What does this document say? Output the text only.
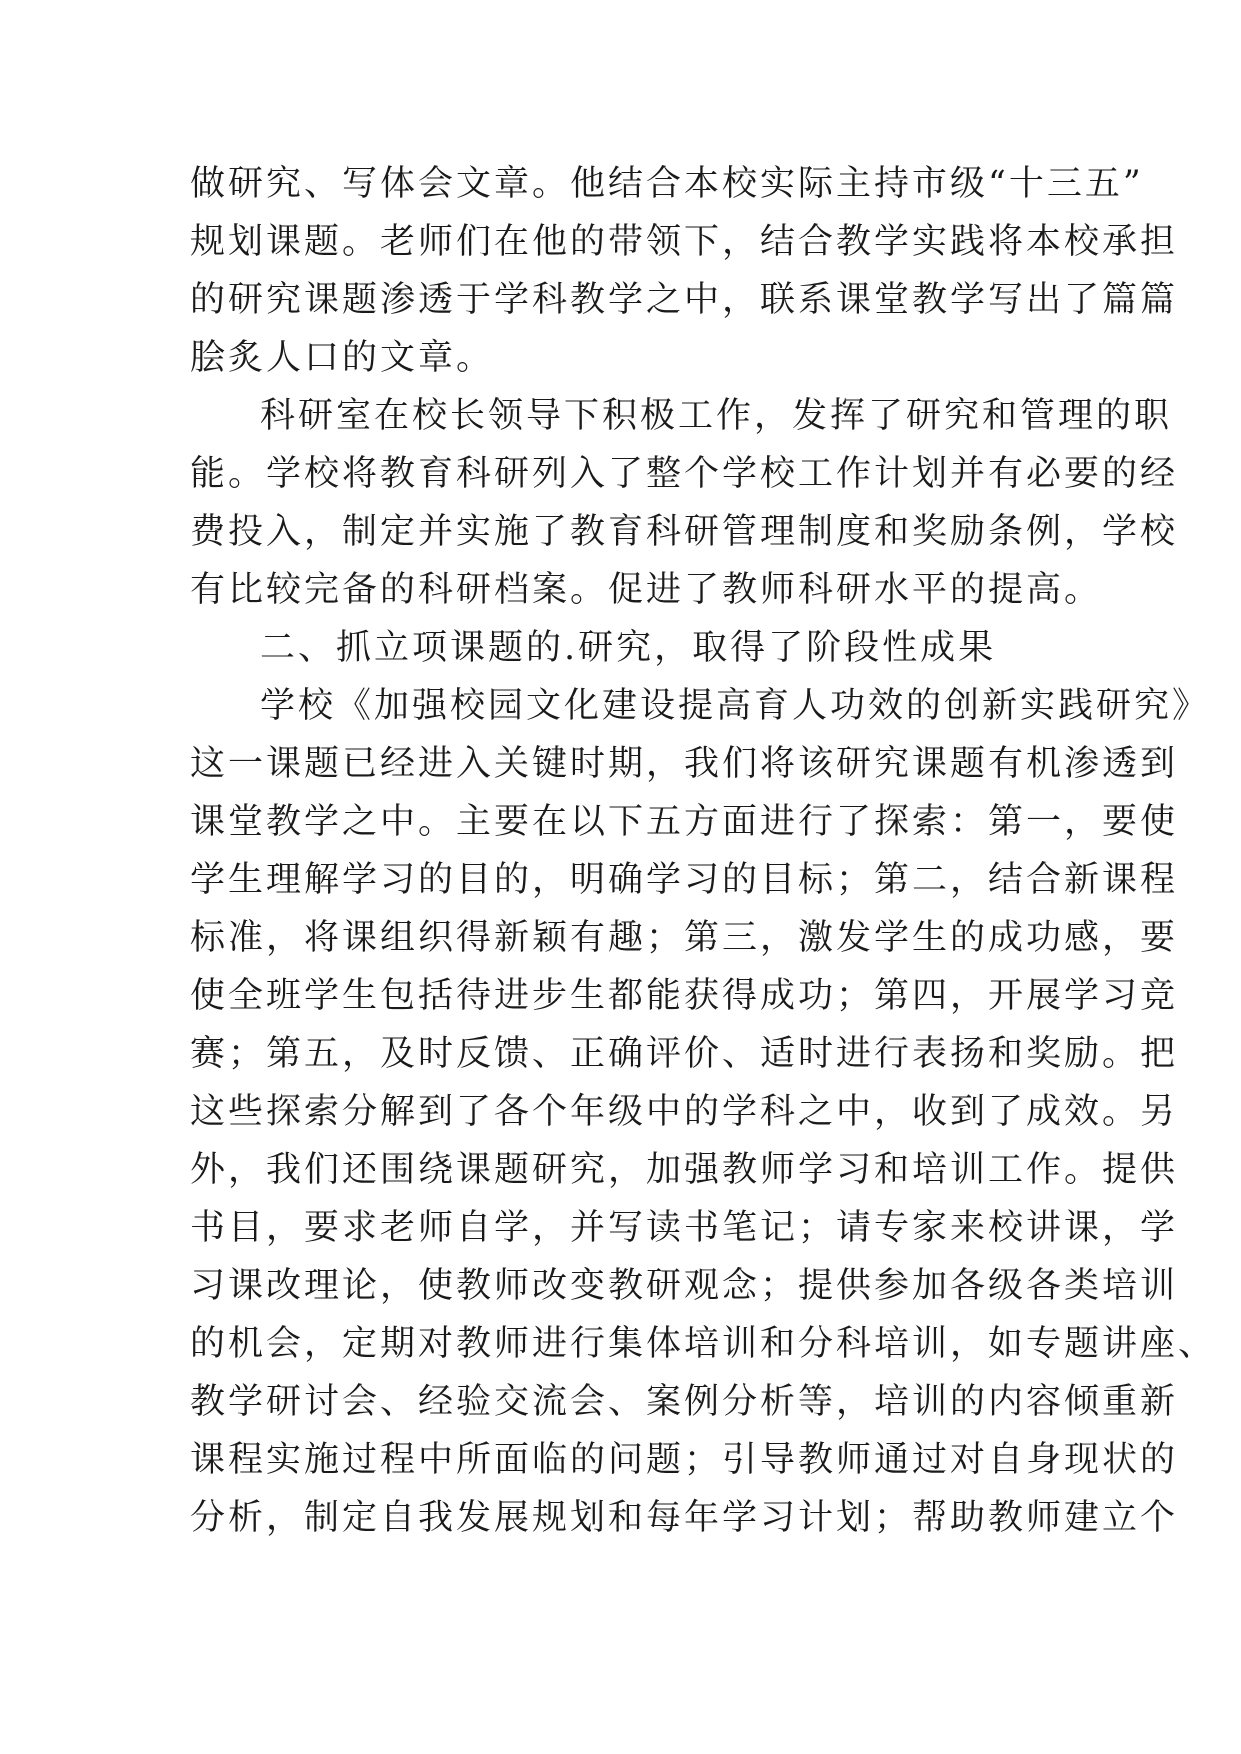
做研究、写体会文章。他结合本校实际主持市级“十三五”
规划课题。老师们在他的带领下，结合教学实践将本校承担
的研究课题渗透于学科教学之中，联系课堂教学写出了篇篇
脍炙人口的文章。
科研室在校长领导下积极工作，发挥了研究和管理的职
能。学校将教育科研列入了整个学校工作计划并有必要的经
费投入，制定并实施了教育科研管理制度和奖励条例，学校
有比较完备的科研档案。促进了教师科研水平的提高。
二、抓立项课题的.研究，取得了阶段性成果
学校《加强校园文化建设提高育人功效的创新实践研究》
这一课题已经进入关键时期，我们将该研究课题有机渗透到
课堂教学之中。主要在以下五方面进行了探索：第一，要使
学生理解学习的目的，明确学习的目标；第二，结合新课程
标准，将课组织得新颖有趣；第三，激发学生的成功感，要
使全班学生包括待进步生都能获得成功；第四，开展学习竞
赛；第五，及时反馈、正确评价、适时进行表扬和奖励。把
这些探索分解到了各个年级中的学科之中，收到了成效。另
外，我们还围绕课题研究，加强教师学习和培训工作。提供
书目，要求老师自学，并写读书笔记；请专家来校讲课，学
习课改理论，使教师改变教研观念；提供参加各级各类培训
的机会，定期对教师进行集体培训和分科培训，如专题讲座、
教学研讨会、经验交流会、案例分析等，培训的内容倾重新
课程实施过程中所面临的问题；引导教师通过对自身现状的
分析，制定自我发展规划和每年学习计划；帮助教师建立个
